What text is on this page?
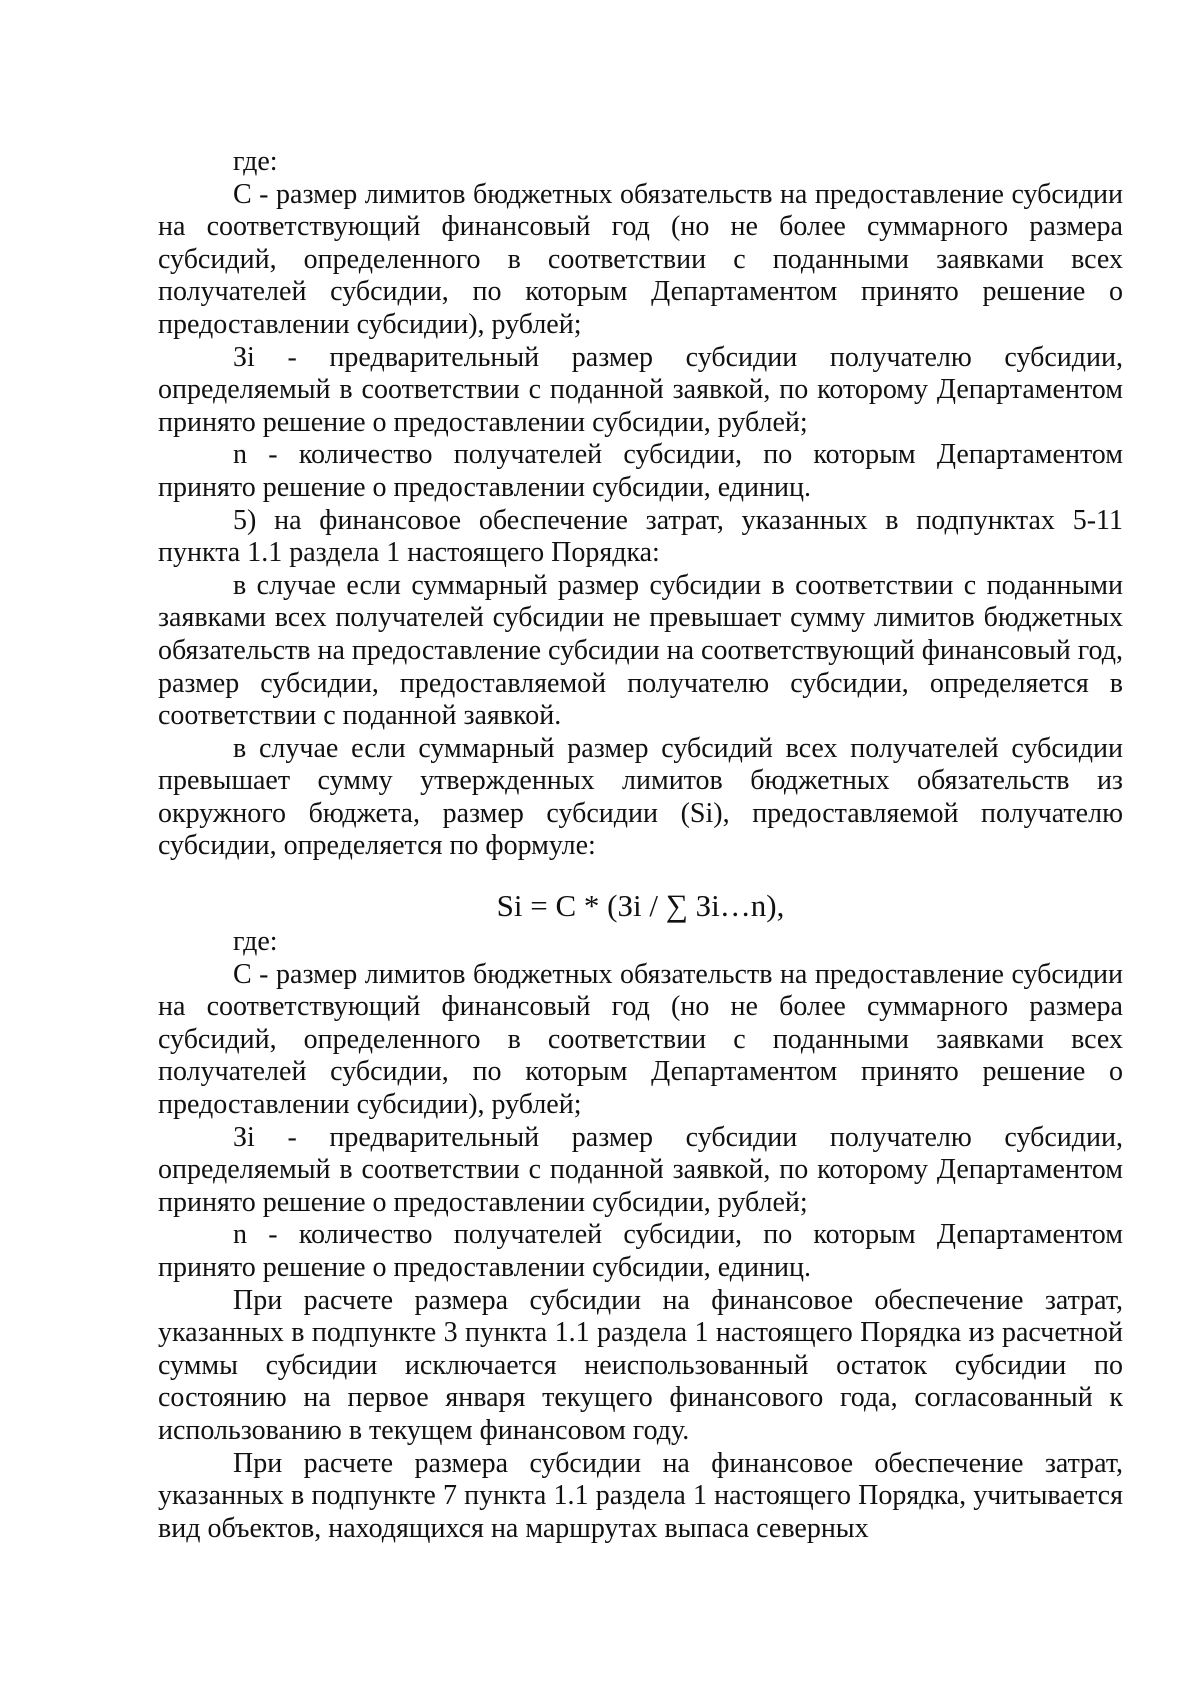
где:

С - размер лимитов бюджетных обязательств на предоставление субсидии на соответствующий финансовый год (но не более суммарного размера субсидий, определенного в соответствии с поданными заявками всех получателей субсидии, по которым Департаментом принято решение о предоставлении субсидии), рублей;

Зi - предварительный размер субсидии получателю субсидии, определяемый в соответствии с поданной заявкой, по которому Департаментом принято решение о предоставлении субсидии, рублей;

n - количество получателей субсидии, по которым Департаментом принято решение о предоставлении субсидии, единиц.

5) на финансовое обеспечение затрат, указанных в подпунктах 5-11 пункта 1.1 раздела 1 настоящего Порядка:

в случае если суммарный размер субсидии в соответствии с поданными заявками всех получателей субсидии не превышает сумму лимитов бюджетных обязательств на предоставление субсидии на соответствующий финансовый год, размер субсидии, предоставляемой получателю субсидии, определяется в соответствии с поданной заявкой.

в случае если суммарный размер субсидий всех получателей субсидии превышает сумму утвержденных лимитов бюджетных обязательств из окружного бюджета, размер субсидии (Si), предоставляемой получателю субсидии, определяется по формуле:

Si = С * (Зi / ∑ Зi…n),

где:

С - размер лимитов бюджетных обязательств на предоставление субсидии на соответствующий финансовый год (но не более суммарного размера субсидий, определенного в соответствии с поданными заявками всех получателей субсидии, по которым Департаментом принято решение о предоставлении субсидии), рублей;

Зi - предварительный размер субсидии получателю субсидии, определяемый в соответствии с поданной заявкой, по которому Департаментом принято решение о предоставлении субсидии, рублей;

n - количество получателей субсидии, по которым Департаментом принято решение о предоставлении субсидии, единиц.

При расчете размера субсидии на финансовое обеспечение затрат, указанных в подпункте 3 пункта 1.1 раздела 1 настоящего Порядка из расчетной суммы субсидии исключается неиспользованный остаток субсидии по состоянию на первое января текущего финансового года, согласованный к использованию в текущем финансовом году.

При расчете размера субсидии на финансовое обеспечение затрат, указанных в подпункте 7 пункта 1.1 раздела 1 настоящего Порядка, учитывается вид объектов, находящихся на маршрутах выпаса северных
